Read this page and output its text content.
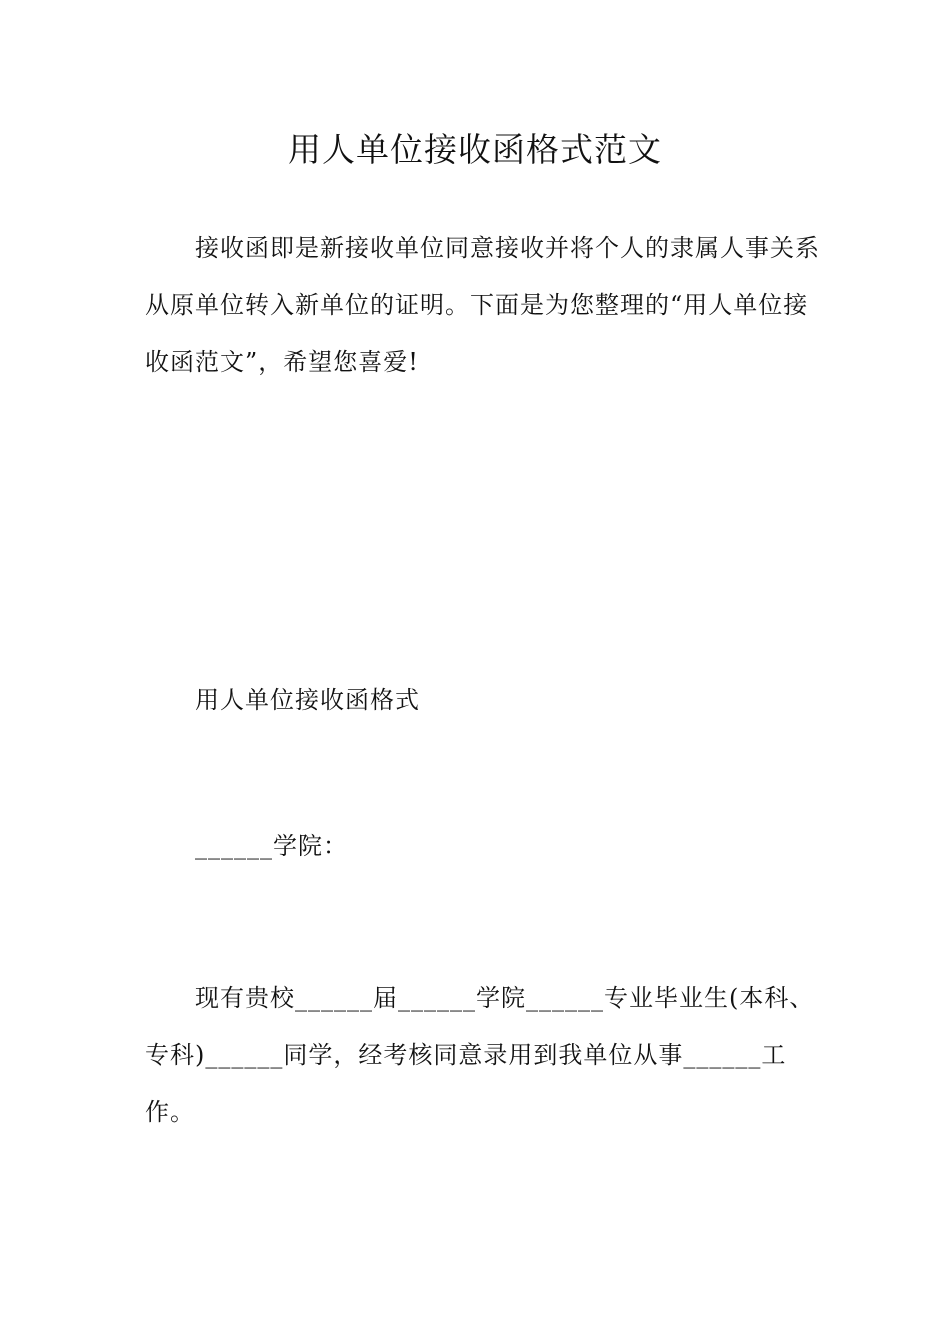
用人单位接收函格式范文

接收函即是新接收单位同意接收并将个人的隶属人事关系从原单位转入新单位的证明。下面是为您整理的“用人单位接收函范文”，希望您喜爱!

用人单位接收函格式

______学院：

现有贵校______届______学院______专业毕业生(本科、专科)______同学，经考核同意录用到我单位从事______工作。
